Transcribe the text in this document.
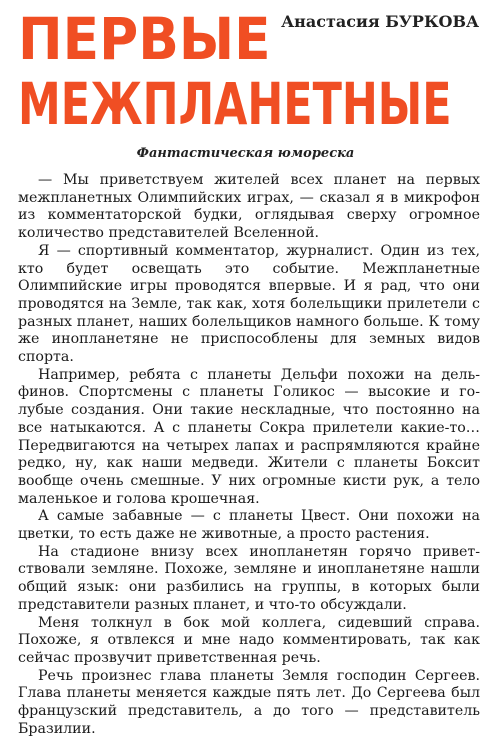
ПЕРВЫЕ
МЕЖПЛАНЕТНЫЕ
Анастасия БУРКОВА

Фантастическая юмореска

— Мы приветствуем жителей всех планет на первых межпланетных Олимпийских играх, — сказал я в микрофон из комментаторской будки, оглядывая сверху огромное количество представителей Вселенной.

Я — спортивный комментатор, журналист. Один из тех, кто будет освещать это событие. Межпланетные Олимпийские игры проводятся впервые. И я рад, что они проводятся на Земле, так как, хотя болельщики прилетели с разных планет, наших болельщиков намного больше. К тому же инопланетяне не приспособлены для земных видов спорта.

Например, ребята с планеты Дельфи похожи на дельфинов. Спортсмены с планеты Голикос — высокие и голубые создания. Они такие нескладные, что постоянно на все натыкаются. А с планеты Сокра прилетели какие-то… Передвигаются на четырех лапах и распрямляются крайне редко, ну, как наши медведи. Жители с планеты Боксит вообще очень смешные. У них огромные кисти рук, а тело маленькое и голова крошечная.

А самые забавные — с планеты Цвест. Они похожи на цветки, то есть даже не животные, а просто растения.

На стадионе внизу всех инопланетян горячо приветствовали земляне. Похоже, земляне и инопланетяне нашли общий язык: они разбились на группы, в которых были представители разных планет, и что-то обсуждали.

Меня толкнул в бок мой коллега, сидевший справа. Похоже, я отвлекся и мне надо комментировать, так как сейчас прозвучит приветственная речь.

Речь произнес глава планеты Земля господин Сергеев. Глава планеты меняется каждые пять лет. До Сергеева был французский представитель, а до того — представитель Бразилии.
